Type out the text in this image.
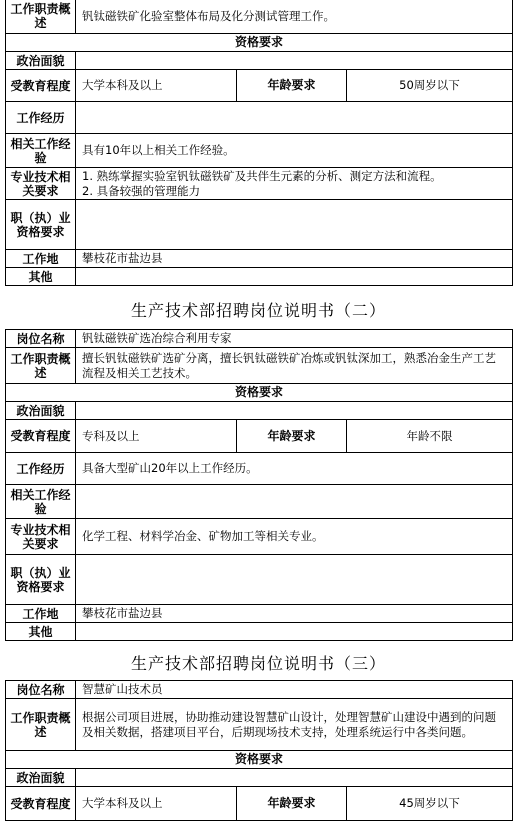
工作职责概述	钒钛磁铁矿化验室整体布局及化分测试管理工作。		
资格要求			
政治面貌			
受教育程度	大学本科及以上	年龄要求	50周岁以下
工作经历			
相关工作经验	具有10年以上相关工作经验。		
专业技术相关要求	1. 熟练掌握实验室钒钛磁铁矿及共伴生元素的分析、测定方法和流程。
2. 具备较强的管理能力		

职（执）业资格要求			
工作地	攀枝花市盐边县		
其他			
生产技术部招聘岗位说明书（二）
岗位名称	钒钛磁铁矿选冶综合利用专家		
工作职责概述	擅长钒钛磁铁矿选矿分离，擅长钒钛磁铁矿冶炼或钒钛深加工，熟悉冶金生产工艺流程及相关工艺技术。		
资格要求			
政治面貌			
受教育程度	专科及以上	年龄要求	年龄不限
工作经历	具备大型矿山20年以上工作经历。		
相关工作经验			
专业技术相关要求	化学工程、材料学冶金、矿物加工等相关专业。		
职（执）业资格要求			
工作地	攀枝花市盐边县		
其他			
生产技术部招聘岗位说明书（三）
岗位名称	智慧矿山技术员		
工作职责概述	根据公司项目进展，协助推动建设智慧矿山设计，处理智慧矿山建设中遇到的问题及相关数据，搭建项目平台，后期现场技术支持，处理系统运行中各类问题。		
资格要求			
政治面貌			
受教育程度	大学本科及以上	年龄要求	45周岁以下
